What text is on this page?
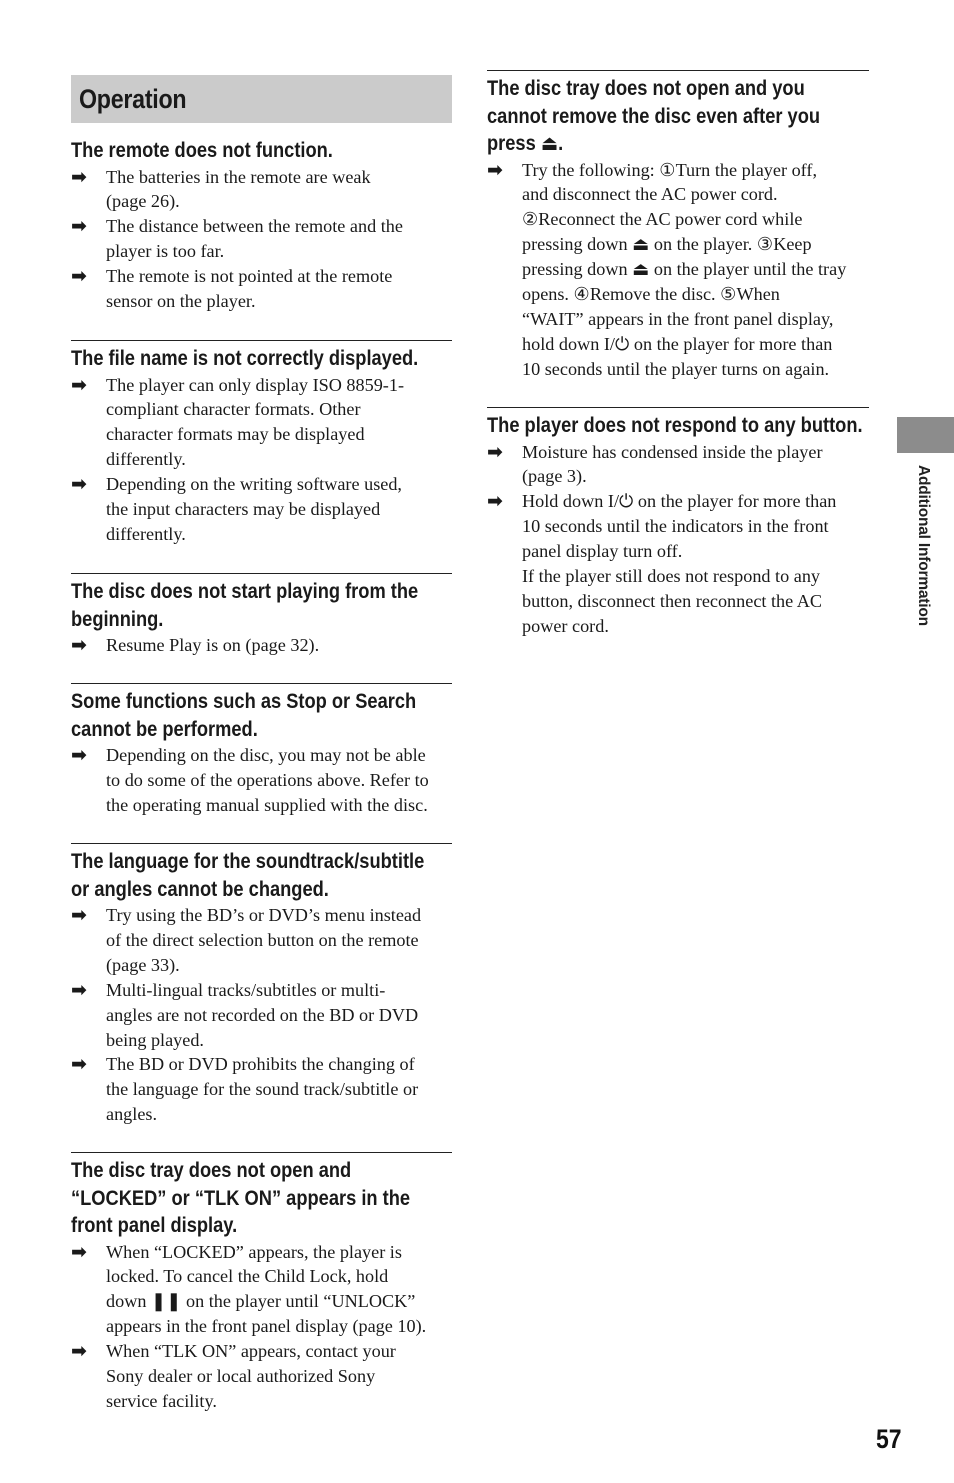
Operation
The remote does not function.
➡ The batteries in the remote are weak
(page 26).
➡ The distance between the remote and the
player is too far.
➡ The remote is not pointed at the remote
sensor on the player.
The file name is not correctly displayed.
➡ The player can only display ISO 8859-1-
compliant character formats. Other
character formats may be displayed
differently.
➡ Depending on the writing software used,
the input characters may be displayed
differently.
The disc does not start playing from the
beginning.
➡ Resume Play is on (page 32).
Some functions such as Stop or Search
cannot be performed.
➡ Depending on the disc, you may not be able
to do some of the operations above. Refer to
the operating manual supplied with the disc.
The language for the soundtrack/subtitle
or angles cannot be changed.
➡ Try using the BD’s or DVD’s menu instead
of the direct selection button on the remote
(page 33).
➡ Multi-lingual tracks/subtitles or multi-
angles are not recorded on the BD or DVD
being played.
➡ The BD or DVD prohibits the changing of
the language for the sound track/subtitle or
angles.
The disc tray does not open and
“LOCKED” or “TLK ON” appears in the
front panel display.
➡ When “LOCKED” appears, the player is
locked. To cancel the Child Lock, hold
down ❚❚ on the player until “UNLOCK”
appears in the front panel display (page 10).
➡ When “TLK ON” appears, contact your
Sony dealer or local authorized Sony
service facility.
The disc tray does not open and you
cannot remove the disc even after you
press ⏏.
➡ Try the following: ①Turn the player off,
and disconnect the AC power cord.
②Reconnect the AC power cord while
pressing down ⏏ on the player. ③Keep
pressing down ⏏ on the player until the tray
opens. ④Remove the disc. ⑤When
“WAIT” appears in the front panel display,
hold down I/⏻ on the player for more than
10 seconds until the player turns on again.
The player does not respond to any button.
➡ Moisture has condensed inside the player
(page 3).
➡ Hold down I/⏻ on the player for more than
10 seconds until the indicators in the front
panel display turn off.
If the player still does not respond to any
button, disconnect then reconnect the AC
power cord.	Additional Information
57
